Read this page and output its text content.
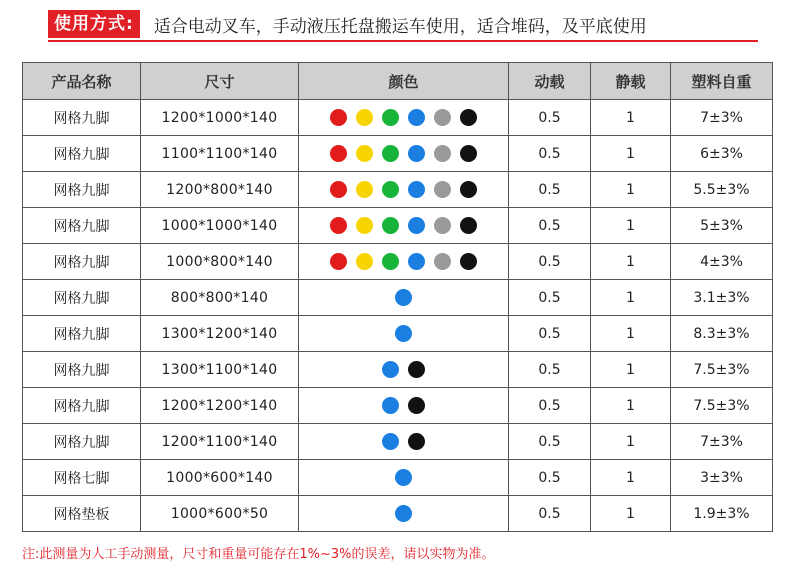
使用方式:	适合电动叉车，手动液压托盘搬运车使用，适合堆码，及平底使用
产品名称	尺寸	颜色	动载	静载	塑料自重
网格九脚	1200*1000*140		0.5	1	7±3%
网格九脚	1100*1100*140		0.5	1	6±3%
网格九脚	1200*800*140		0.5	1	5.5±3%
网格九脚	1000*1000*140		0.5	1	5±3%
网格九脚	1000*800*140		0.5	1	4±3%
网格九脚	800*800*140		0.5	1	3.1±3%
网格九脚	1300*1200*140		0.5	1	8.3±3%
网格九脚	1300*1100*140		0.5	1	7.5±3%
网格九脚	1200*1200*140		0.5	1	7.5±3%
网格九脚	1200*1100*140		0.5	1	7±3%
网格七脚	1000*600*140		0.5	1	3±3%
网格垫板	1000*600*50		0.5	1	1.9±3%
注:此测量为人工手动测量，尺寸和重量可能存在1%~3%的误差，请以实物为准。
